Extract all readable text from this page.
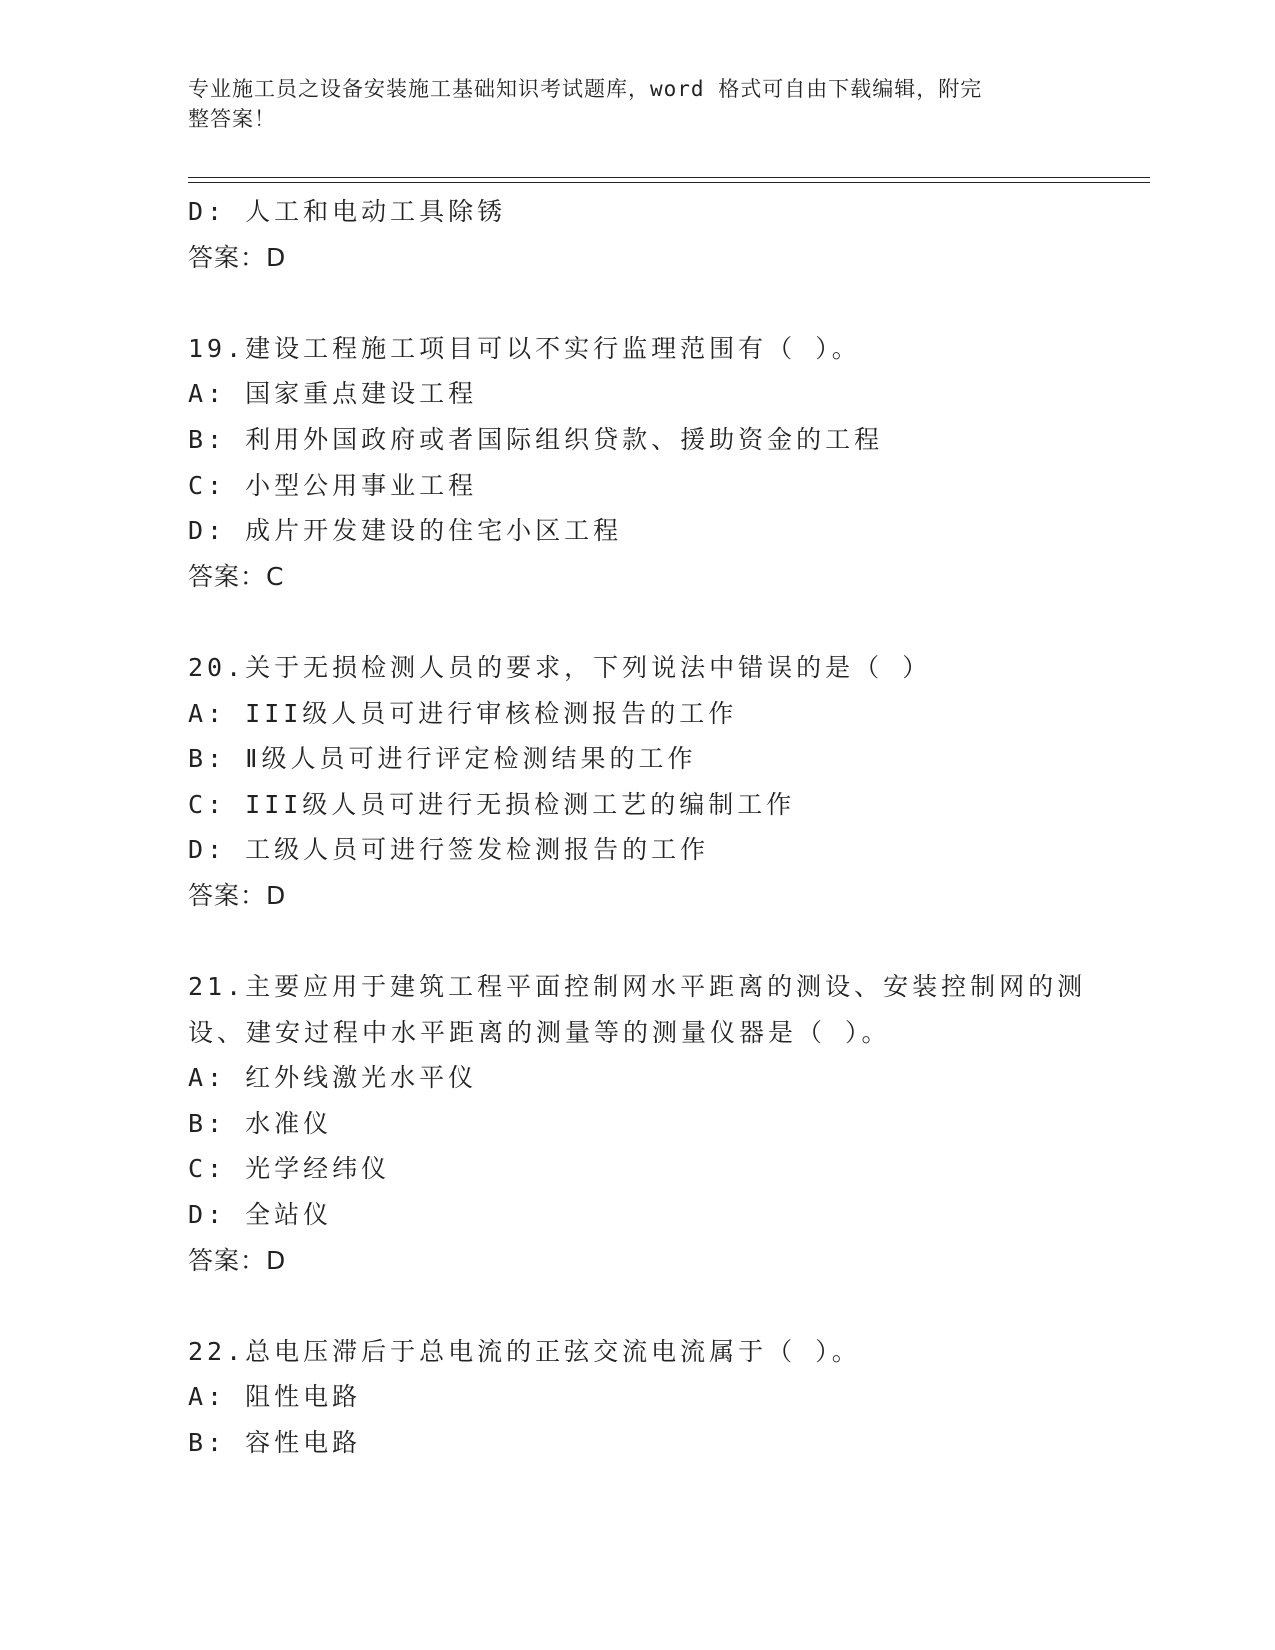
专业施工员之设备安装施工基础知识考试题库，word 格式可自由下载编辑，附完
整答案！
D: 人工和电动工具除锈
答案：D
19.建设工程施工项目可以不实行监理范围有（ ）。
A: 国家重点建设工程
B: 利用外国政府或者国际组织贷款、援助资金的工程
C: 小型公用事业工程
D: 成片开发建设的住宅小区工程
答案：C
20.关于无损检测人员的要求，下列说法中错误的是（ ）
A: III级人员可进行审核检测报告的工作
B: Ⅱ级人员可进行评定检测结果的工作
C: III级人员可进行无损检测工艺的编制工作
D: 工级人员可进行签发检测报告的工作
答案：D
21.主要应用于建筑工程平面控制网水平距离的测设、安装控制网的测
设、建安过程中水平距离的测量等的测量仪器是（ ）。
A: 红外线激光水平仪
B: 水准仪
C: 光学经纬仪
D: 全站仪
答案：D
22.总电压滞后于总电流的正弦交流电流属于（ ）。
A: 阻性电路
B: 容性电路
